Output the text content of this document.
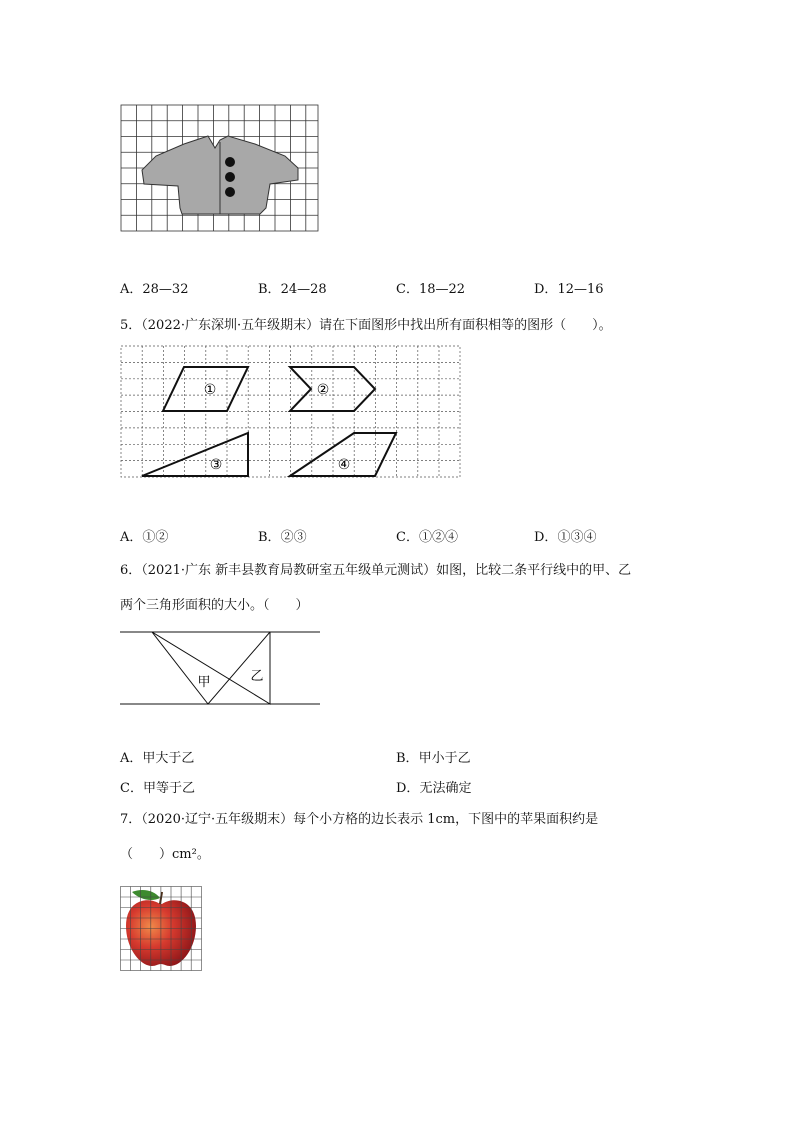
A．28—32	B．24—28	C．18—22	D．12—16
5．（2022·广东深圳·五年级期末）请在下面图形中找出所有面积相等的图形（　　）。
①	②
③	④
A．①②	B．②③	C．①②④	D．①③④
6．（2021·广东 新丰县教育局教研室五年级单元测试）如图，比较二条平行线中的甲、乙
两个三角形面积的大小。（　　）
甲	乙
A．甲大于乙	B．甲小于乙
C．甲等于乙	D．无法确定
7．（2020·辽宁·五年级期末）每个小方格的边长表示 1cm，下图中的苹果面积约是
（　　）cm²。
